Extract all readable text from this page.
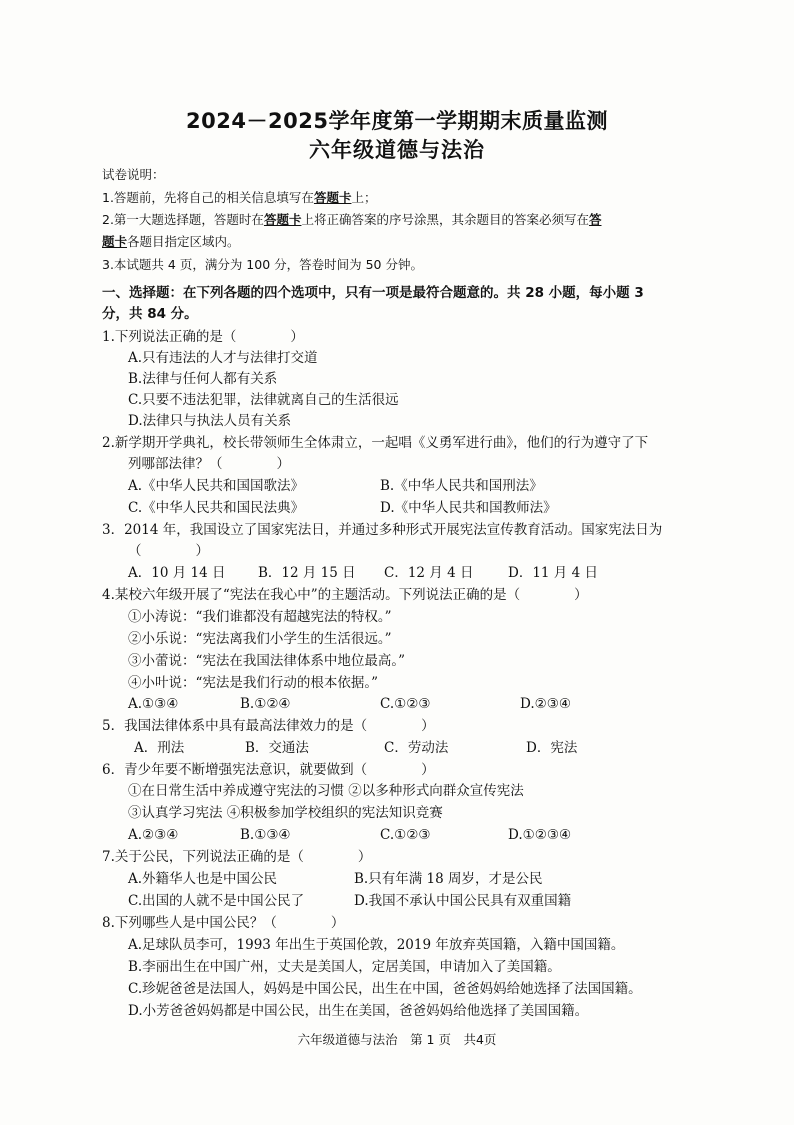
2024－2025学年度第一学期期末质量监测
六年级道德与法治
试卷说明：
1.答题前，先将自己的相关信息填写在答题卡上；
2.第一大题选择题，答题时在答题卡上将正确答案的序号涂黑，其余题目的答案必须写在答
题卡各题目指定区域内。
3.本试题共 4 页，满分为 100 分，答卷时间为 50 分钟。
一、选择题：在下列各题的四个选项中，只有一项是最符合题意的。共 28 小题，每小题 3
分，共 84 分。
1.下列说法正确的是（　　　　）
A.只有违法的人才与法律打交道
B.法律与任何人都有关系
C.只要不违法犯罪，法律就离自己的生活很远
D.法律只与执法人员有关系
2.新学期开学典礼，校长带领师生全体肃立，一起唱《义勇军进行曲》，他们的行为遵守了下
列哪部法律？（　　　　）
A.《中华人民共和国国歌法》	B.《中华人民共和国刑法》
C.《中华人民共和国民法典》	D.《中华人民共和国教师法》
3．2014 年，我国设立了国家宪法日，并通过多种形式开展宪法宣传教育活动。国家宪法日为
（　　　　）
A．10 月 14 日 B．12 月 15 日 C．12 月 4 日	D．11 月 4 日
4.某校六年级开展了“宪法在我心中”的主题活动。下列说法正确的是（　　　　）
①小涛说：“我们谁都没有超越宪法的特权。”
②小乐说：“宪法离我们小学生的生活很远。”
③小蕾说：“宪法在我国法律体系中地位最高。”
④小叶说：“宪法是我们行动的根本依据。”
A.①③④	B.①②④	C.①②③	D.②③④
5．我国法律体系中具有最高法律效力的是（　　　　）
A．刑法	B．交通法	C．劳动法	D．宪法
6．青少年要不断增强宪法意识，就要做到（　　　　）
①在日常生活中养成遵守宪法的习惯 ②以多种形式向群众宣传宪法
③认真学习宪法 ④积极参加学校组织的宪法知识竞赛
A.②③④	B.①③④	C.①②③	D.①②③④
7.关于公民，下列说法正确的是（　　　　）
A.外籍华人也是中国公民	B.只有年满 18 周岁，才是公民
C.出国的人就不是中国公民了	D.我国不承认中国公民具有双重国籍
8.下列哪些人是中国公民？（　　　　）
A.足球队员李可，1993 年出生于英国伦敦，2019 年放弃英国籍，入籍中国国籍。
B.李丽出生在中国广州，丈夫是美国人，定居美国，申请加入了美国籍。
C.珍妮爸爸是法国人，妈妈是中国公民，出生在中国，爸爸妈妈给她选择了法国国籍。
D.小芳爸爸妈妈都是中国公民，出生在美国，爸爸妈妈给他选择了美国国籍。
六年级道德与法治　第 1 页　共4页
